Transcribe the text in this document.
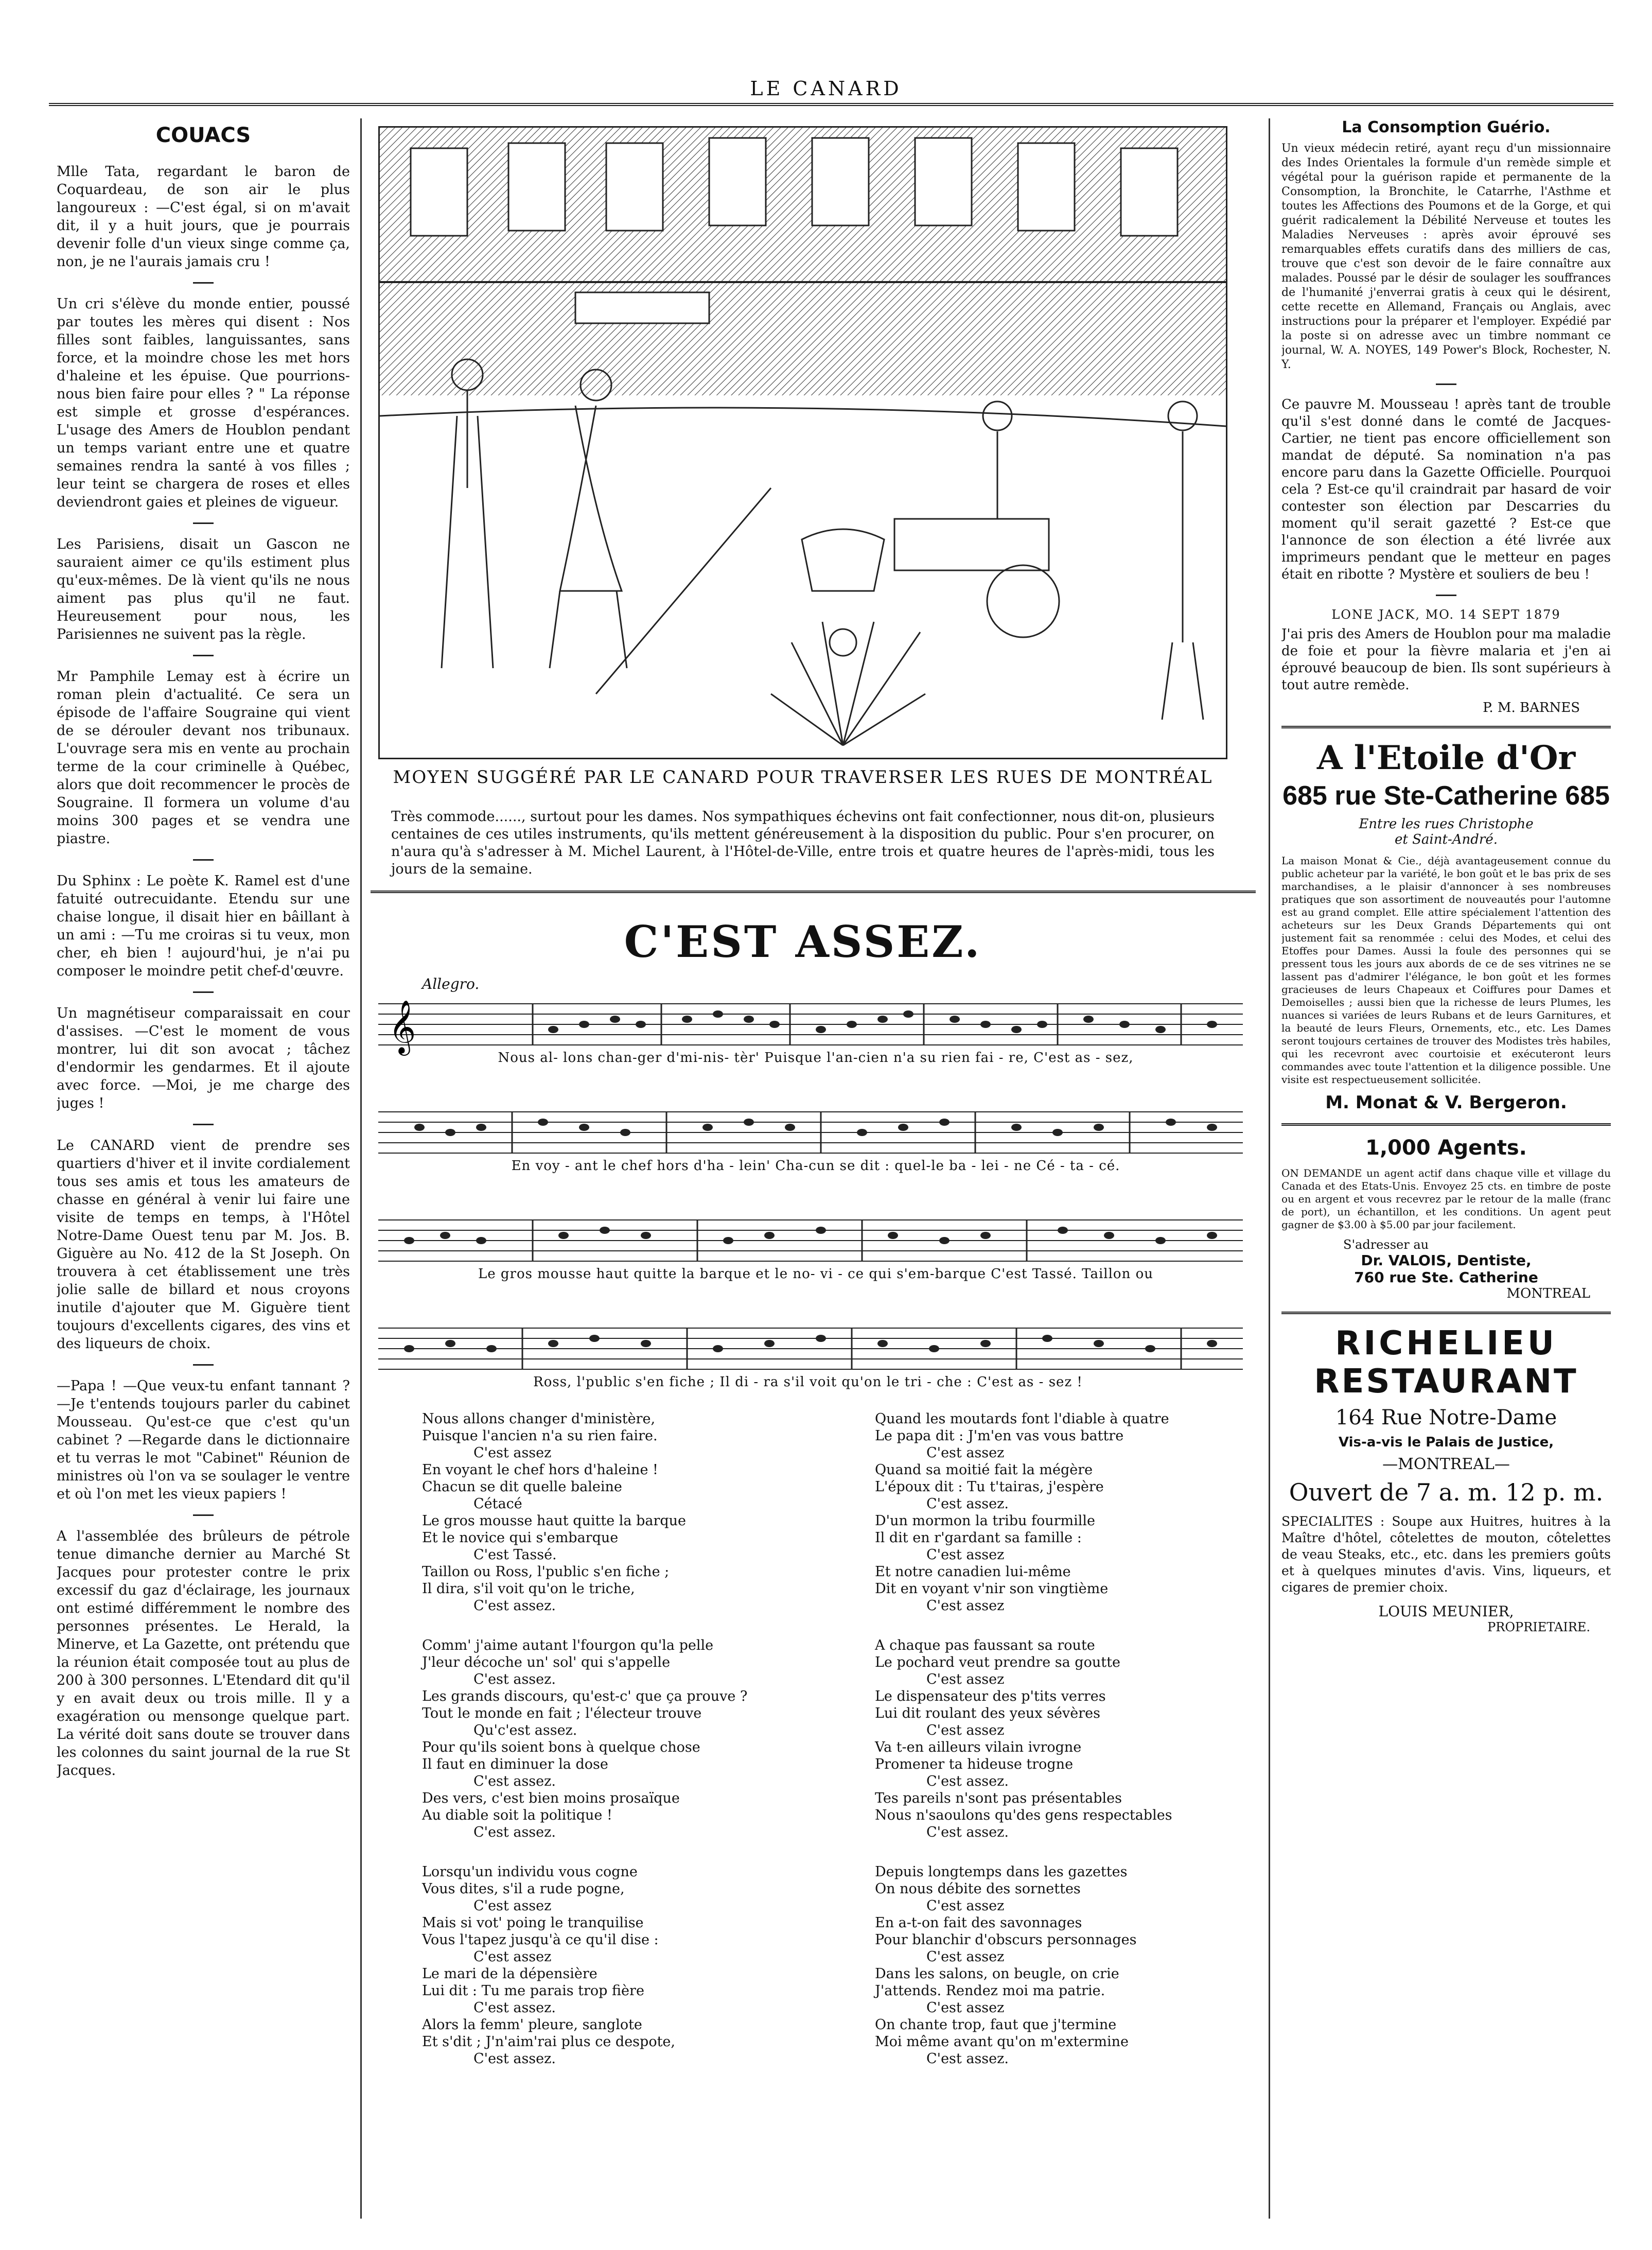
LE CANARD
COUACS

Mlle Tata, regardant le baron de Coquardeau, de son air le plus langoureux : —C'est égal, si on m'avait dit, il y a huit jours, que je pourrais devenir folle d'un vieux singe comme ça, non, je ne l'aurais jamais cru !

Un cri s'élève du monde entier, poussé par toutes les mères qui disent : Nos filles sont faibles, languissantes, sans force, et la moindre chose les met hors d'haleine et les épuise. Que pourrions-nous bien faire pour elles ? " La réponse est simple et grosse d'espérances. L'usage des Amers de Houblon pendant un temps variant entre une et quatre semaines rendra la santé à vos filles ; leur teint se chargera de roses et elles deviendront gaies et pleines de vigueur.

Les Parisiens, disait un Gascon ne sauraient aimer ce qu'ils estiment plus qu'eux-mêmes. De là vient qu'ils ne nous aiment pas plus qu'il ne faut. Heureusement pour nous, les Parisiennes ne suivent pas la règle.

Mr Pamphile Lemay est à écrire un roman plein d'actualité. Ce sera un épisode de l'affaire Sougraine qui vient de se dérouler devant nos tribunaux. L'ouvrage sera mis en vente au prochain terme de la cour criminelle à Québec, alors que doit recommencer le procès de Sougraine. Il formera un volume d'au moins 300 pages et se vendra une piastre.

Du Sphinx : Le poète K. Ramel est d'une fatuité outrecuidante. Etendu sur une chaise longue, il disait hier en bâillant à un ami : —Tu me croiras si tu veux, mon cher, eh bien ! aujourd'hui, je n'ai pu composer le moindre petit chef-d'œuvre.

Un magnétiseur comparaissait en cour d'assises. —C'est le moment de vous montrer, lui dit son avocat ; tâchez d'endormir les gendarmes. Et il ajoute avec force. —Moi, je me charge des juges !

Le CANARD vient de prendre ses quartiers d'hiver et il invite cordialement tous ses amis et tous les amateurs de chasse en général à venir lui faire une visite de temps en temps, à l'Hôtel Notre-Dame Ouest tenu par M. Jos. B. Giguère au No. 412 de la St Joseph. On trouvera à cet établissement une très jolie salle de billard et nous croyons inutile d'ajouter que M. Giguère tient toujours d'excellents cigares, des vins et des liqueurs de choix.

—Papa ! —Que veux-tu enfant tannant ? —Je t'entends toujours parler du cabinet Mousseau. Qu'est-ce que c'est qu'un cabinet ? —Regarde dans le dictionnaire et tu verras le mot "Cabinet" Réunion de ministres où l'on va se soulager le ventre et où l'on met les vieux papiers !

A l'assemblée des brûleurs de pétrole tenue dimanche dernier au Marché St Jacques pour protester contre le prix excessif du gaz d'éclairage, les journaux ont estimé différemment le nombre des personnes présentes. Le Herald, la Minerve, et La Gazette, ont prétendu que la réunion était composée tout au plus de 200 à 300 personnes. L'Etendard dit qu'il y en avait deux ou trois mille. Il y a exagération ou mensonge quelque part. La vérité doit sans doute se trouver dans les colonnes du saint journal de la rue St Jacques.

MOYEN SUGGÉRÉ PAR LE CANARD POUR TRAVERSER LES RUES DE MONTRÉAL

Très commode......, surtout pour les dames. Nos sympathiques échevins ont fait confectionner, nous dit-on, plusieurs centaines de ces utiles instruments, qu'ils mettent généreusement à la disposition du public. Pour s'en procurer, on n'aura qu'à s'adresser à M. Michel Laurent, à l'Hôtel-de-Ville, entre trois et quatre heures de l'après-midi, tous les jours de la semaine.

C'EST ASSEZ.
Allegro.
𝄞
Nous al- lons chan-ger d'mi-nis- tèr' Puisque l'an-cien n'a su rien fai - re, C'est as - sez,
En voy - ant le chef hors d'ha - lein' Cha-cun se dit : quel-le ba - lei - ne Cé - ta - cé.
Le gros mousse haut quitte la barque et le no- vi - ce qui s'em-barque C'est Tassé. Taillon ou
Ross, l'public s'en fiche ; Il di - ra s'il voit qu'on le tri - che : C'est as - sez !
Nous allons changer d'ministère,
Puisque l'ancien n'a su rien faire.
C'est assez
En voyant le chef hors d'haleine !
Chacun se dit quelle baleine
Cétacé
Le gros mousse haut quitte la barque
Et le novice qui s'embarque
C'est Tassé.
Taillon ou Ross, l'public s'en fiche ;
Il dira, s'il voit qu'on le triche,
C'est assez.
Comm' j'aime autant l'fourgon qu'la pelle
J'leur décoche un' sol' qui s'appelle
C'est assez.
Les grands discours, qu'est-c' que ça prouve ?
Tout le monde en fait ; l'électeur trouve
Qu'c'est assez.
Pour qu'ils soient bons à quelque chose
Il faut en diminuer la dose
C'est assez.
Des vers, c'est bien moins prosaïque
Au diable soit la politique !
C'est assez.
Lorsqu'un individu vous cogne
Vous dites, s'il a rude pogne,
C'est assez
Mais si vot' poing le tranquilise
Vous l'tapez jusqu'à ce qu'il dise :
C'est assez
Le mari de la dépensière
Lui dit : Tu me parais trop fière
C'est assez.
Alors la femm' pleure, sanglote
Et s'dit ; J'n'aim'rai plus ce despote,
C'est assez.
Quand les moutards font l'diable à quatre
Le papa dit : J'm'en vas vous battre
C'est assez
Quand sa moitié fait la mégère
L'époux dit : Tu t'tairas, j'espère
C'est assez.
D'un mormon la tribu fourmille
Il dit en r'gardant sa famille :
C'est assez
Et notre canadien lui-même
Dit en voyant v'nir son vingtième
C'est assez
A chaque pas faussant sa route
Le pochard veut prendre sa goutte
C'est assez
Le dispensateur des p'tits verres
Lui dit roulant des yeux sévères
C'est assez
Va t-en ailleurs vilain ivrogne
Promener ta hideuse trogne
C'est assez.
Tes pareils n'sont pas présentables
Nous n'saoulons qu'des gens respectables
C'est assez.
Depuis longtemps dans les gazettes
On nous débite des sornettes
C'est assez
En a-t-on fait des savonnages
Pour blanchir d'obscurs personnages
C'est assez
Dans les salons, on beugle, on crie
J'attends. Rendez moi ma patrie.
C'est assez
On chante trop, faut que j'termine
Moi même avant qu'on m'extermine
C'est assez.
La Consomption Guério.

Un vieux médecin retiré, ayant reçu d'un missionnaire des Indes Orientales la formule d'un remède simple et végétal pour la guérison rapide et permanente de la Consomption, la Bronchite, le Catarrhe, l'Asthme et toutes les Affections des Poumons et de la Gorge, et qui guérit radicalement la Débilité Nerveuse et toutes les Maladies Nerveuses : après avoir éprouvé ses remarquables effets curatifs dans des milliers de cas, trouve que c'est son devoir de le faire connaître aux malades. Poussé par le désir de soulager les souffrances de l'humanité j'enverrai gratis à ceux qui le désirent, cette recette en Allemand, Français ou Anglais, avec instructions pour la préparer et l'employer. Expédié par la poste si on adresse avec un timbre nommant ce journal, W. A. NOYES, 149 Power's Block, Rochester, N. Y.

Ce pauvre M. Mousseau ! après tant de trouble qu'il s'est donné dans le comté de Jacques-Cartier, ne tient pas encore officiellement son mandat de député. Sa nomination n'a pas encore paru dans la Gazette Officielle. Pourquoi cela ? Est-ce qu'il craindrait par hasard de voir contester son élection par Descarries du moment qu'il serait gazetté ? Est-ce que l'annonce de son élection a été livrée aux imprimeurs pendant que le metteur en pages était en ribotte ? Mystère et souliers de beu !

LONE JACK, MO. 14 SEPT 1879

J'ai pris des Amers de Houblon pour ma maladie de foie et pour la fièvre malaria et j'en ai éprouvé beaucoup de bien. Ils sont supérieurs à tout autre remède.

P. M. BARNES
A l'Etoile d'Or
685 rue Ste-Catherine 685
Entre les rues Christophe
et Saint-André.

La maison Monat & Cie., déjà avantageusement connue du public acheteur par la variété, le bon goût et le bas prix de ses marchandises, a le plaisir d'annoncer à ses nombreuses pratiques que son assortiment de nouveautés pour l'automne est au grand complet. Elle attire spécialement l'attention des acheteurs sur les Deux Grands Départements qui ont justement fait sa renommée : celui des Modes, et celui des Etoffes pour Dames. Aussi la foule des personnes qui se pressent tous les jours aux abords de ce de ses vitrines ne se lassent pas d'admirer l'élégance, le bon goût et les formes gracieuses de leurs Chapeaux et Coiffures pour Dames et Demoiselles ; aussi bien que la richesse de leurs Plumes, les nuances si variées de leurs Rubans et de leurs Garnitures, et la beauté de leurs Fleurs, Ornements, etc., etc. Les Dames seront toujours certaines de trouver des Modistes très habiles, qui les recevront avec courtoisie et exécuteront leurs commandes avec toute l'attention et la diligence possible. Une visite est respectueusement sollicitée.

M. Monat & V. Bergeron.
1,000 Agents.

ON DEMANDE un agent actif dans chaque ville et village du Canada et des Etats-Unis. Envoyez 25 cts. en timbre de poste ou en argent et vous recevrez par le retour de la malle (franc de port), un échantillon, et les conditions. Un agent peut gagner de $3.00 à $5.00 par jour facilement.

S'adresser au
Dr. VALOIS, Dentiste,
760 rue Ste. Catherine
MONTREAL
RICHELIEU
RESTAURANT
164 Rue Notre-Dame
Vis-a-vis le Palais de Justice,
—MONTREAL—
Ouvert de 7 a. m. 12 p. m.

SPECIALITES : Soupe aux Huitres, huitres à la Maître d'hôtel, côtelettes de mouton, côtelettes de veau Steaks, etc., etc. dans les premiers goûts et à quelques minutes d'avis. Vins, liqueurs, et cigares de premier choix.

LOUIS MEUNIER,
PROPRIETAIRE.
